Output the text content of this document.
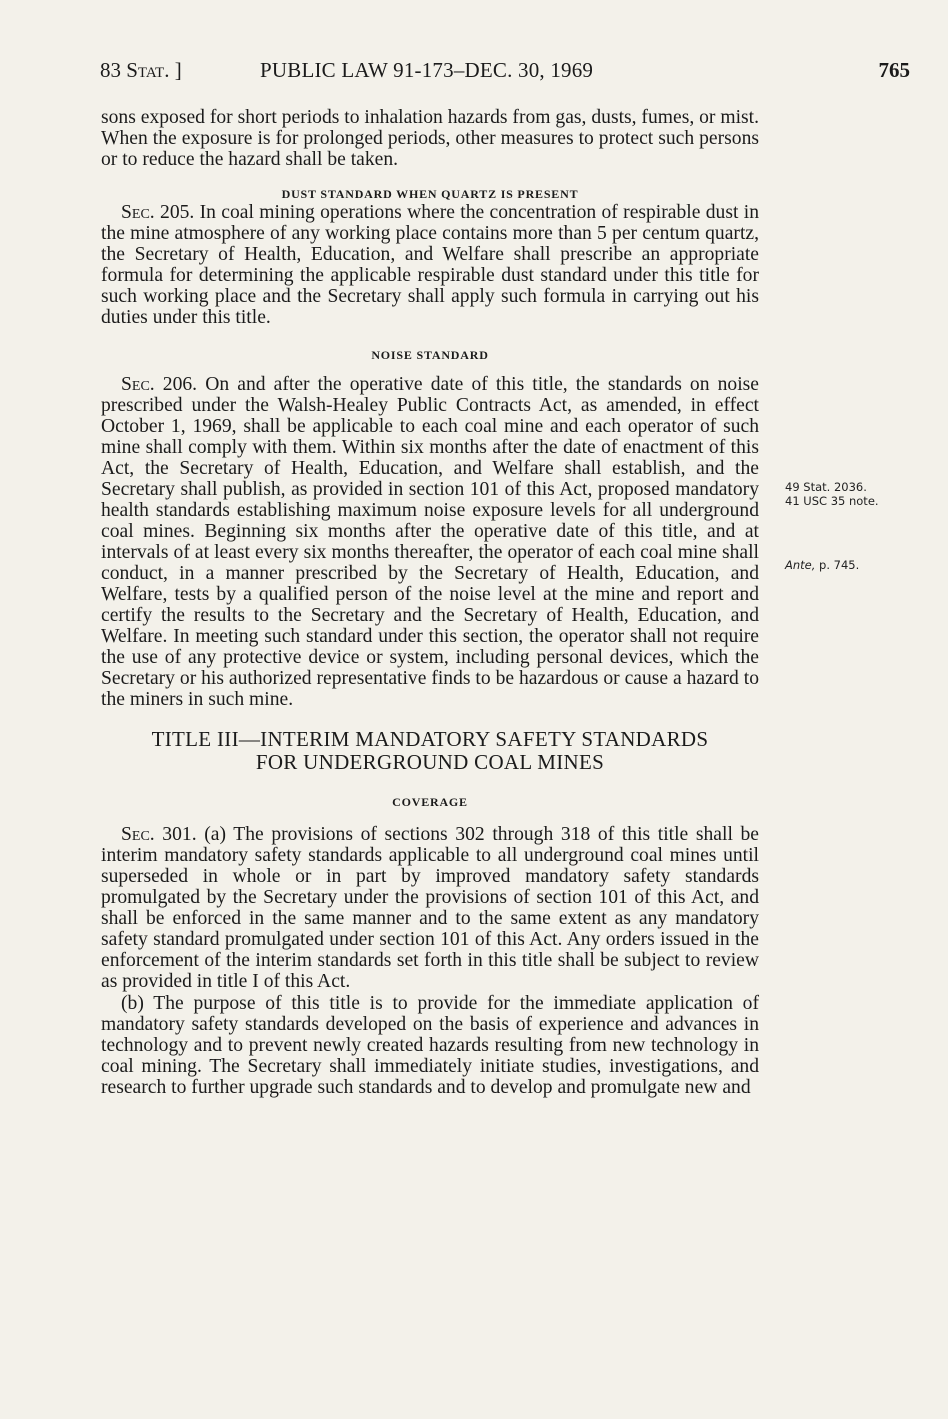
83 Stat. ]	PUBLIC LAW 91-173–DEC. 30, 1969	765

sons exposed for short periods to inhalation hazards from gas, dusts, fumes, or mist. When the exposure is for prolonged periods, other measures to protect such persons or to reduce the hazard shall be taken.

DUST STANDARD WHEN QUARTZ IS PRESENT

Sec. 205. In coal mining operations where the concentration of respirable dust in the mine atmosphere of any working place contains more than 5 per centum quartz, the Secretary of Health, Education, and Welfare shall prescribe an appropriate formula for determining the applicable respirable dust standard under this title for such working place and the Secretary shall apply such formula in carrying out his duties under this title.

NOISE STANDARD

Sec. 206. On and after the operative date of this title, the standards on noise prescribed under the Walsh-Healey Public Contracts Act, as amended, in effect October 1, 1969, shall be applicable to each coal mine and each operator of such mine shall comply with them. Within six months after the date of enactment of this Act, the Secretary of Health, Education, and Welfare shall establish, and the Secretary shall publish, as provided in section 101 of this Act, proposed mandatory health standards establishing maximum noise exposure levels for all underground coal mines. Beginning six months after the operative date of this title, and at intervals of at least every six months thereafter, the operator of each coal mine shall conduct, in a manner prescribed by the Secretary of Health, Education, and Welfare, tests by a qualified person of the noise level at the mine and report and certify the results to the Secretary and the Secretary of Health, Education, and Welfare. In meeting such standard under this section, the operator shall not require the use of any protective device or system, including personal devices, which the Secretary or his authorized representative finds to be hazardous or cause a hazard to the miners in such mine.

TITLE III—INTERIM MANDATORY SAFETY STANDARDS
FOR UNDERGROUND COAL MINES
COVERAGE

Sec. 301. (a) The provisions of sections 302 through 318 of this title shall be interim mandatory safety standards applicable to all underground coal mines until superseded in whole or in part by improved mandatory safety standards promulgated by the Secretary under the provisions of section 101 of this Act, and shall be enforced in the same manner and to the same extent as any mandatory safety standard promulgated under section 101 of this Act. Any orders issued in the enforcement of the interim standards set forth in this title shall be subject to review as provided in title I of this Act.

(b) The purpose of this title is to provide for the immediate application of mandatory safety standards developed on the basis of experience and advances in technology and to prevent newly created hazards resulting from new technology in coal mining. The Secretary shall immediately initiate studies, investigations, and research to further upgrade such standards and to develop and promulgate new and

49 Stat. 2036.
41 USC 35 note.
Ante, p. 745.
